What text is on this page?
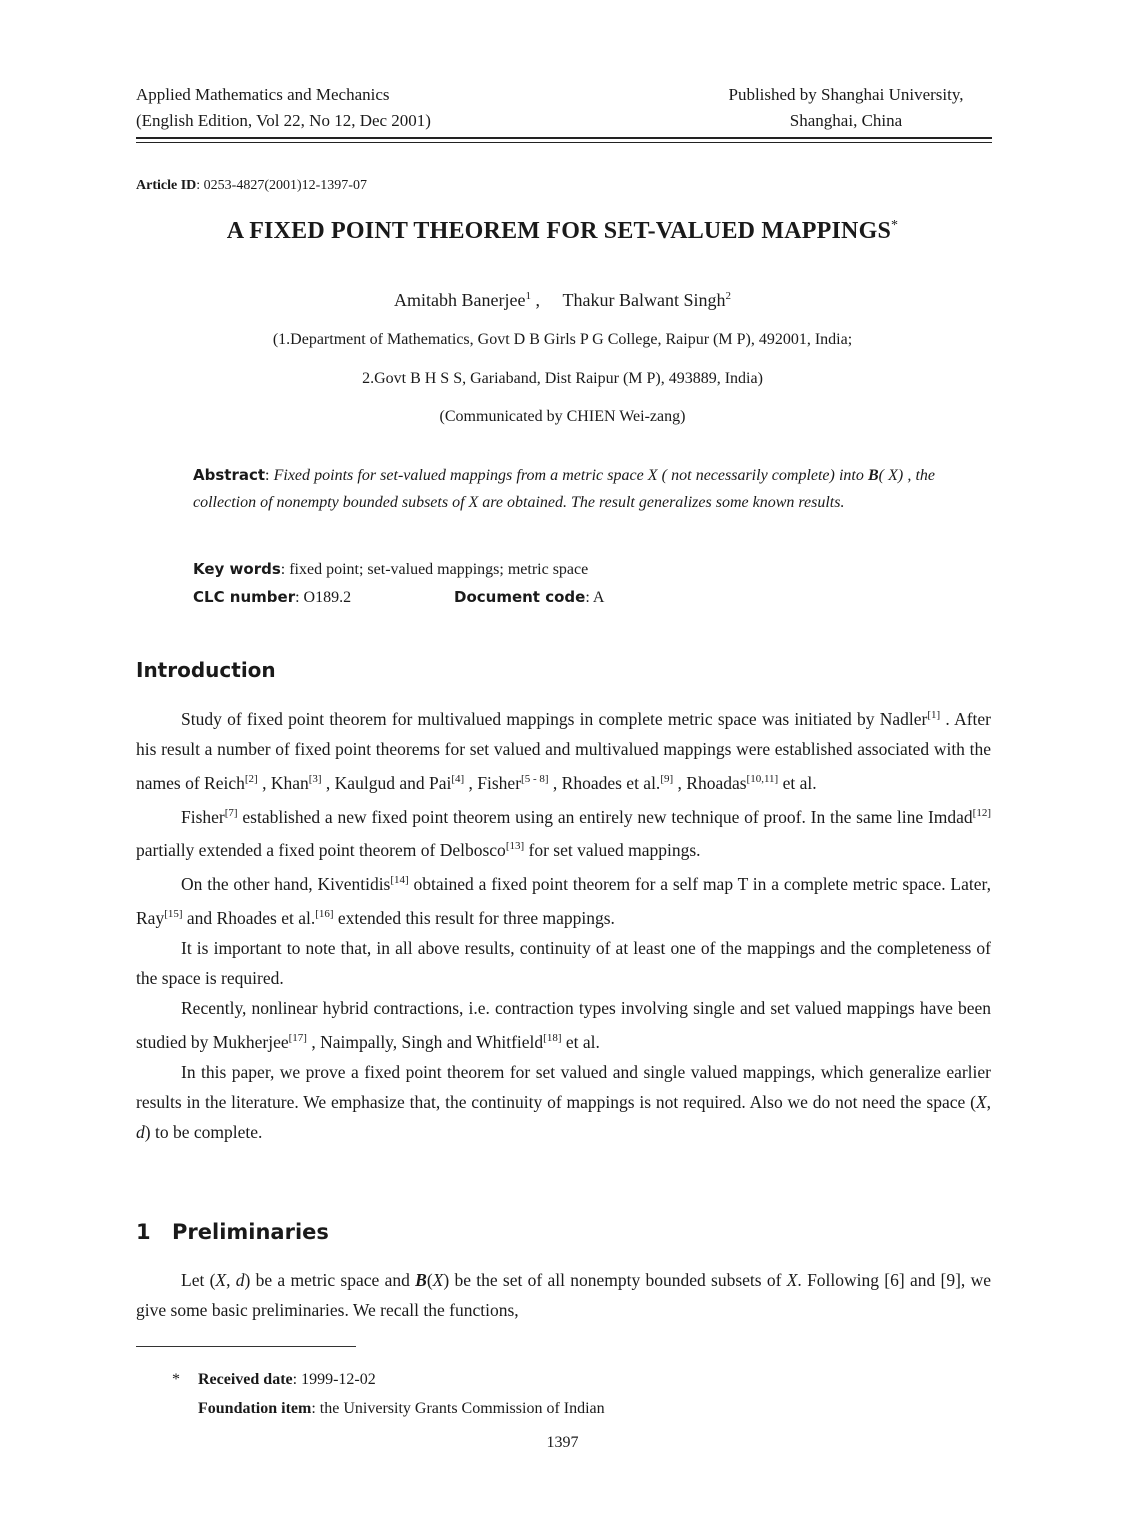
Applied Mathematics and Mechanics
(English Edition, Vol 22, No 12, Dec 2001)
Published by Shanghai University,
Shanghai, China
Article ID: 0253-4827(2001)12-1397-07
A FIXED POINT THEOREM FOR SET-VALUED MAPPINGS*
Amitabh Banerjee$^1$ , Thakur Balwant Singh$^2$
(1.Department of Mathematics, Govt D B Girls P G College, Raipur (M P), 492001, India;
2.Govt B H S S, Gariaband, Dist Raipur (M P), 493889, India)
(Communicated by CHIEN Wei-zang)
Abstract: Fixed points for set-valued mappings from a metric space X ( not necessarily complete) into B( X) , the collection of nonempty bounded subsets of X are obtained. The result generalizes some known results.
Key words: fixed point; set-valued mappings; metric space
CLC number: O189.2	Document code: A
Introduction

Study of fixed point theorem for multivalued mappings in complete metric space was initiated by Nadler[1] . After his result a number of fixed point theorems for set valued and multivalued mappings were established associated with the names of Reich[2] , Khan[3] , Kaulgud and Pai[4] , Fisher[5 - 8] , Rhoades et al.[9] , Rhoadas[10,11] et al.

Fisher[7] established a new fixed point theorem using an entirely new technique of proof. In the same line Imdad[12] partially extended a fixed point theorem of Delbosco[13] for set valued mappings.

On the other hand, Kiventidis[14] obtained a fixed point theorem for a self map T in a complete metric space. Later, Ray[15] and Rhoades et al.[16] extended this result for three mappings.

It is important to note that, in all above results, continuity of at least one of the mappings and the completeness of the space is required.

Recently, nonlinear hybrid contractions, i.e. contraction types involving single and set valued mappings have been studied by Mukherjee[17] , Naimpally, Singh and Whitfield[18] et al.

In this paper, we prove a fixed point theorem for set valued and single valued mappings, which generalize earlier results in the literature. We emphasize that, the continuity of mappings is not required. Also we do not need the space (X, d) to be complete.

1 Preliminaries

Let (X, d) be a metric space and B(X) be the set of all nonempty bounded subsets of X. Following [6] and [9], we give some basic preliminaries. We recall the functions,

* Received date: 1999-12-02
Foundation item: the University Grants Commission of Indian
1397
